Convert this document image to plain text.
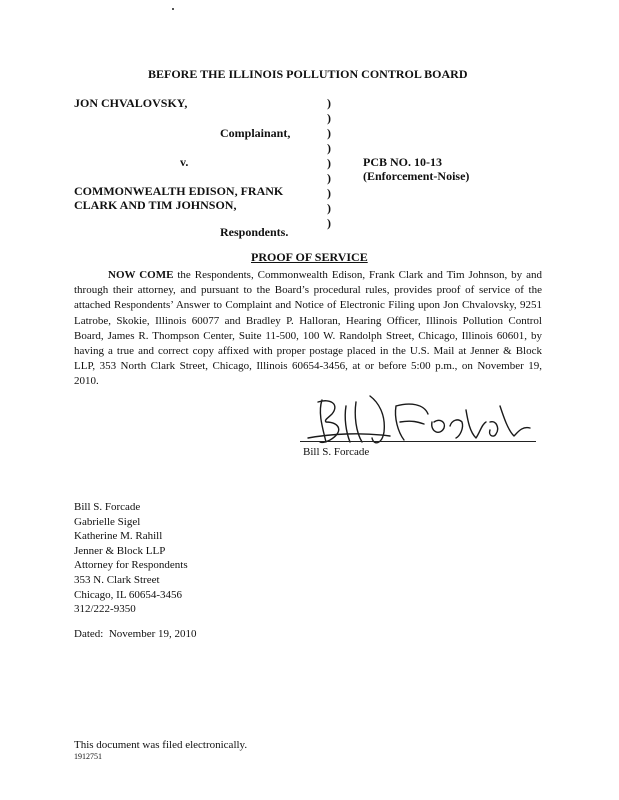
BEFORE THE ILLINOIS POLLUTION CONTROL BOARD
JON CHVALOVSKY,
Complainant,
v.
COMMONWEALTH EDISON, FRANK
CLARK AND TIM JOHNSON,
Respondents.
)
)
)
)
)
)
)
)
)
PCB NO. 10-13
(Enforcement-Noise)
PROOF OF SERVICE
NOW COME the Respondents, Commonwealth Edison, Frank Clark and Tim Johnson, by and through their attorney, and pursuant to the Board’s procedural rules, provides proof of service of the attached Respondents’ Answer to Complaint and Notice of Electronic Filing upon Jon Chvalovsky, 9251 Latrobe, Skokie, Illinois 60077 and Bradley P. Halloran, Hearing Officer, Illinois Pollution Control Board, James R. Thompson Center, Suite 11-500, 100 W. Randolph Street, Chicago, Illinois 60601, by having a true and correct copy affixed with proper postage placed in the U.S. Mail at Jenner & Block LLP, 353 North Clark Street, Chicago, Illinois 60654-3456, at or before 5:00 p.m., on November 19, 2010.
Bill S. Forcade
Bill S. Forcade
Gabrielle Sigel
Katherine M. Rahill
Jenner & Block LLP
Attorney for Respondents
353 N. Clark Street
Chicago, IL 60654-3456
312/222-9350
Dated:  November 19, 2010
This document was filed electronically.
1912751
